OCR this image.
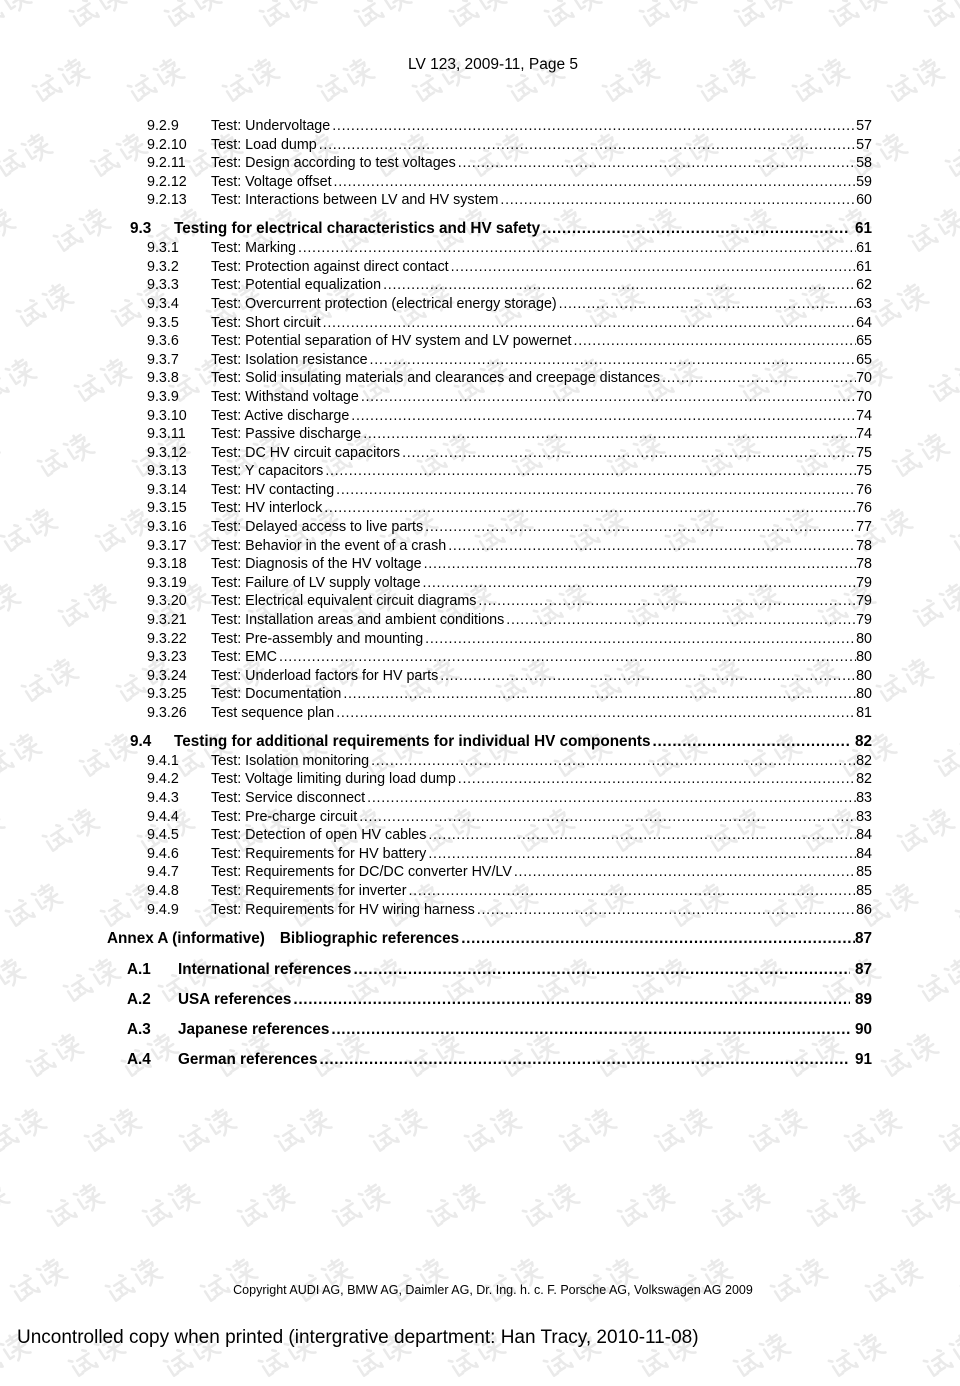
LV 123, 2009-11, Page 5
9.2.9	Test: Undervoltage .....	57
9.2.10	Test: Load dump .....	57
9.2.11	Test: Design according to test voltages .....	58
9.2.12	Test: Voltage offset .....	59
9.2.13	Test: Interactions between LV and HV system .....	60
9.3	Testing for electrical characteristics and HV safety .....	61
9.3.1	Test: Marking .....	61
9.3.2	Test: Protection against direct contact .....	61
9.3.3	Test: Potential equalization .....	62
9.3.4	Test: Overcurrent protection (electrical energy storage) .....	63
9.3.5	Test: Short circuit .....	64
9.3.6	Test: Potential separation of HV system and LV powernet .....	65
9.3.7	Test: Isolation resistance .....	65
9.3.8	Test: Solid insulating materials and clearances and creepage distances .....	70
9.3.9	Test: Withstand voltage .....	70
9.3.10	Test: Active discharge .....	74
9.3.11	Test: Passive discharge .....	74
9.3.12	Test: DC HV circuit capacitors .....	75
9.3.13	Test: Y capacitors .....	75
9.3.14	Test: HV contacting .....	76
9.3.15	Test: HV interlock .....	76
9.3.16	Test: Delayed access to live parts .....	77
9.3.17	Test: Behavior in the event of a crash .....	78
9.3.18	Test: Diagnosis of the HV voltage .....	78
9.3.19	Test: Failure of LV supply voltage .....	79
9.3.20	Test: Electrical equivalent circuit diagrams .....	79
9.3.21	Test: Installation areas and ambient conditions .....	79
9.3.22	Test: Pre-assembly and mounting .....	80
9.3.23	Test: EMC .....	80
9.3.24	Test: Underload factors for HV parts .....	80
9.3.25	Test: Documentation .....	80
9.3.26	Test sequence plan .....	81
9.4	Testing for additional requirements for individual HV components .....	82
9.4.1	Test: Isolation monitoring .....	82
9.4.2	Test: Voltage limiting during load dump .....	82
9.4.3	Test: Service disconnect .....	83
9.4.4	Test: Pre-charge circuit .....	83
9.4.5	Test: Detection of open HV cables .....	84
9.4.6	Test: Requirements for HV battery .....	84
9.4.7	Test: Requirements for DC/DC converter HV/LV .....	85
9.4.8	Test: Requirements for inverter .....	85
9.4.9	Test: Requirements for HV wiring harness .....	86
Annex A (informative) Bibliographic references .....	87
A.1	International references .....	87
A.2	USA references .....	89
A.3	Japanese references .....	90
A.4	German references .....	91
Copyright AUDI AG, BMW AG, Daimler AG, Dr. Ing. h. c. F. Porsche AG, Volkswagen AG 2009
Uncontrolled copy when printed (intergrative department: Han Tracy, 2010-11-08)
